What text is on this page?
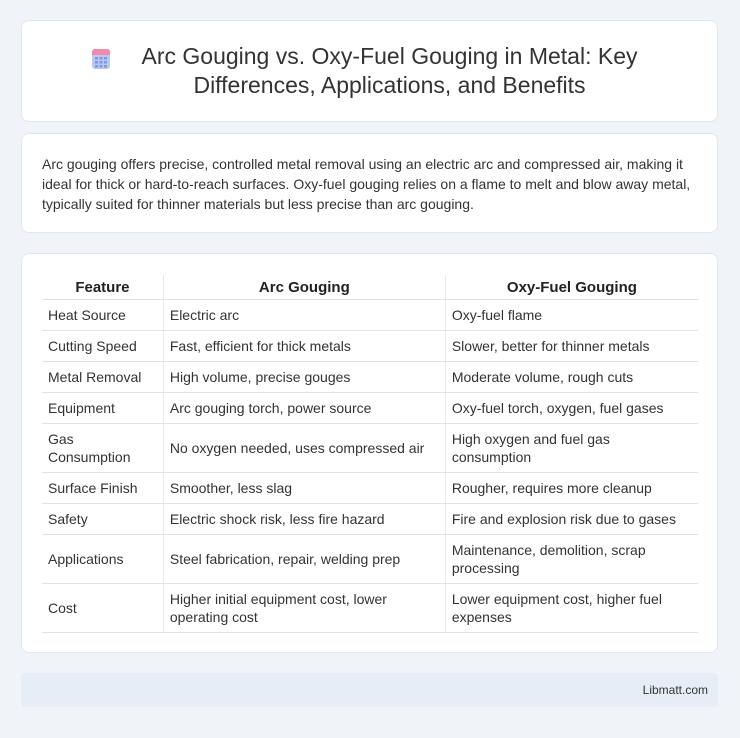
Arc Gouging vs. Oxy-Fuel Gouging in Metal: Key Differences, Applications, and Benefits

Arc gouging offers precise, controlled metal removal using an electric arc and compressed air, making it ideal for thick or hard-to-reach surfaces. Oxy-fuel gouging relies on a flame to melt and blow away metal, typically suited for thinner materials but less precise than arc gouging.

Feature	Arc Gouging	Oxy-Fuel Gouging
Heat Source	Electric arc	Oxy-fuel flame
Cutting Speed	Fast, efficient for thick metals	Slower, better for thinner metals
Metal Removal	High volume, precise gouges	Moderate volume, rough cuts
Equipment	Arc gouging torch, power source	Oxy-fuel torch, oxygen, fuel gases
Gas Consumption	No oxygen needed, uses compressed air	High oxygen and fuel gas consumption
Surface Finish	Smoother, less slag	Rougher, requires more cleanup
Safety	Electric shock risk, less fire hazard	Fire and explosion risk due to gases
Applications	Steel fabrication, repair, welding prep	Maintenance, demolition, scrap processing
Cost	Higher initial equipment cost, lower operating cost	Lower equipment cost, higher fuel expenses
Libmatt.com
